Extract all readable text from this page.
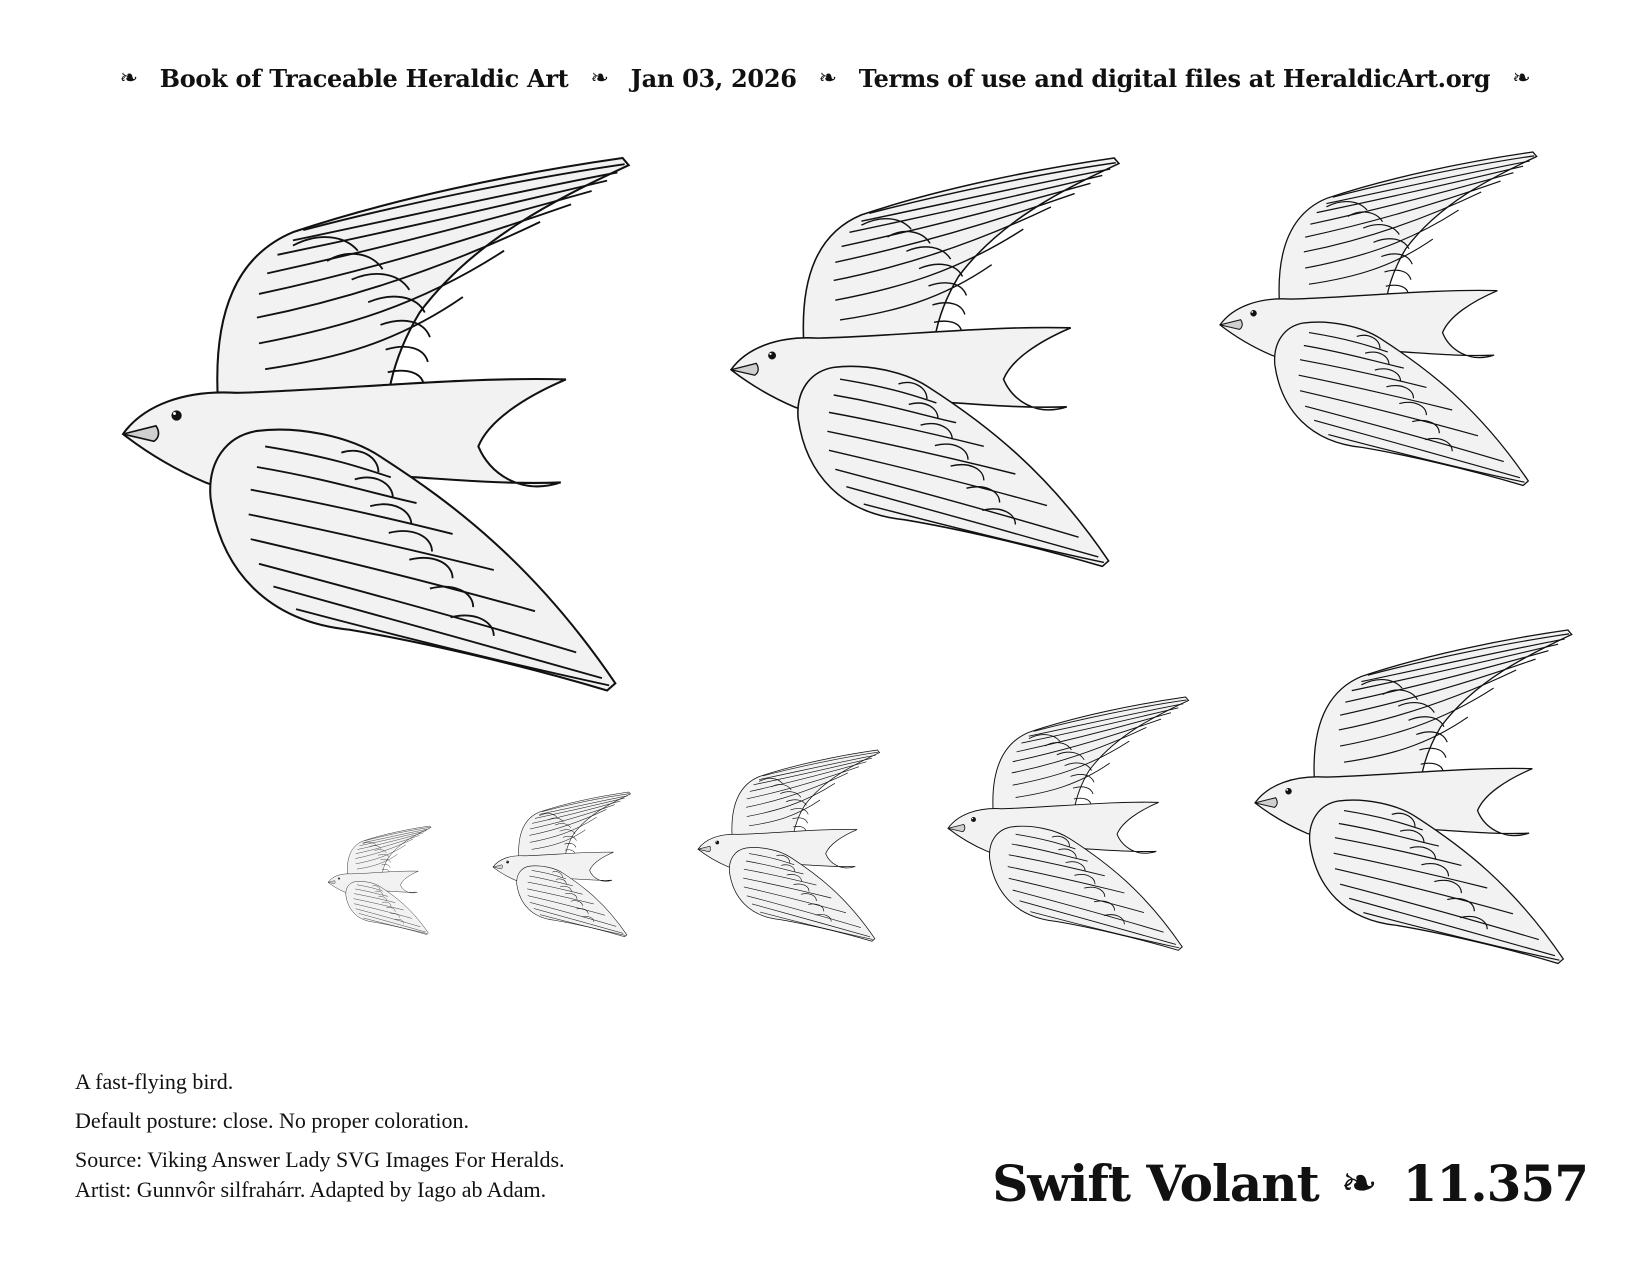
❧ Book of Traceable Heraldic Art ❧ Jan 03, 2026 ❧ Terms of use and digital files at HeraldicArt.org ❧

A fast-flying bird.

Default posture: close. No proper coloration.

Source: Viking Answer Lady SVG Images For Heralds.
Artist: Gunnvôr silfrahárr. Adapted by Iago ab Adam.	Swift Volant ❧ 11.357
